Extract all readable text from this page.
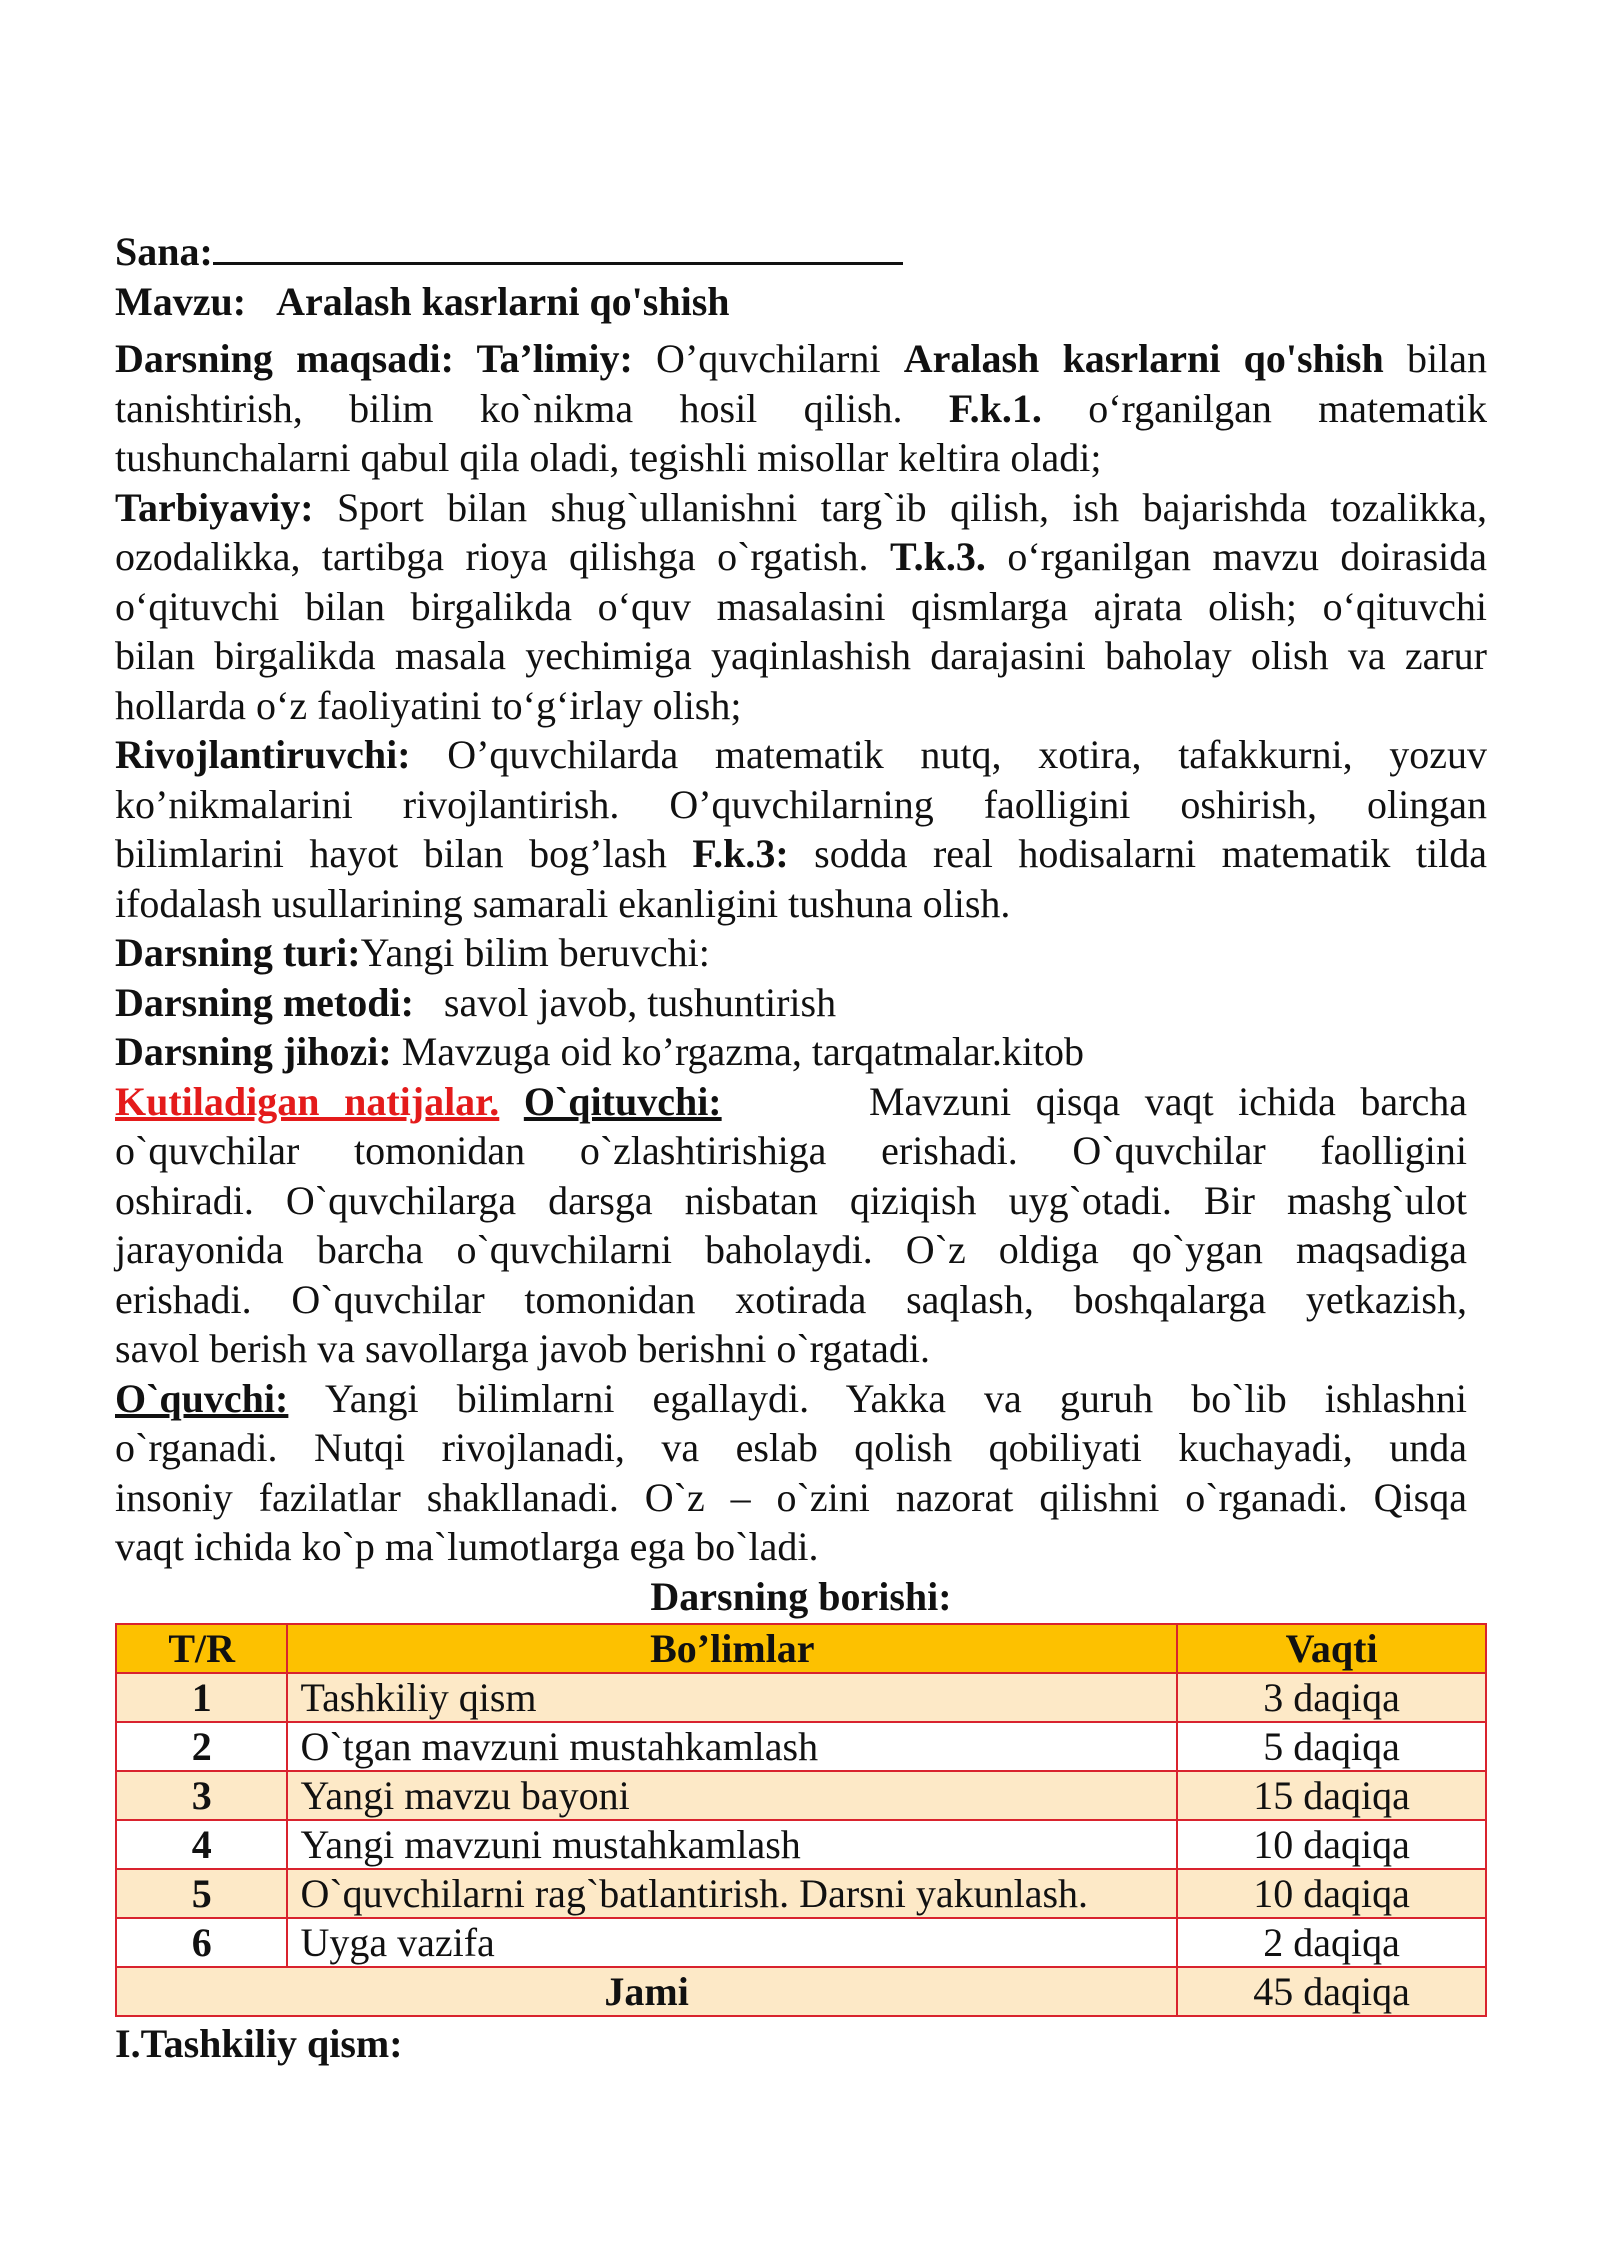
Sana:

Mavzu: Aralash kasrlarni qo'shish

Darsning maqsadi: Ta’limiy: O’quvchilarni Aralash kasrlarni qo'shish bilan

tanishtirish, bilim ko`nikma hosil qilish. F.k.1. o‘rganilgan matematik

tushunchalarni qabul qila oladi, tegishli misollar keltira oladi;

Tarbiyaviy: Sport bilan shug`ullanishni targ`ib qilish, ish bajarishda tozalikka,

ozodalikka, tartibga rioya qilishga o`rgatish. T.k.3. o‘rganilgan mavzu doirasida

o‘qituvchi bilan birgalikda o‘quv masalasini qismlarga ajrata olish; o‘qituvchi

bilan birgalikda masala yechimiga yaqinlashish darajasini baholay olish va zarur

hollarda o‘z faoliyatini to‘g‘irlay olish;

Rivojlantiruvchi: O’quvchilarda matematik nutq, xotira, tafakkurni, yozuv

ko’nikmalarini rivojlantirish. O’quvchilarning faolligini oshirish, olingan

bilimlarini hayot bilan bog’lash F.k.3: sodda real hodisalarni matematik tilda

ifodalash usullarining samarali ekanligini tushuna olish.

Darsning turi:Yangi bilim beruvchi:

Darsning metodi:   savol javob, tushuntirish

Darsning jihozi: Mavzuga oid ko’rgazma, tarqatmalar.kitob

Kutiladigan natijalar. O`qituvchi:      Mavzuni qisqa vaqt ichida barcha

o`quvchilar tomonidan o`zlashtirishiga erishadi. O`quvchilar faolligini

oshiradi. O`quvchilarga darsga nisbatan qiziqish uyg`otadi. Bir mashg`ulot

jarayonida barcha o`quvchilarni baholaydi. O`z oldiga qo`ygan maqsadiga

erishadi. O`quvchilar tomonidan xotirada saqlash, boshqalarga yetkazish,

savol berish va savollarga javob berishni o`rgatadi.

O`quvchi: Yangi bilimlarni egallaydi. Yakka va guruh bo`lib ishlashni

o`rganadi. Nutqi rivojlanadi, va eslab qolish qobiliyati kuchayadi, unda

insoniy fazilatlar shakllanadi. O`z – o`zini nazorat qilishni o`rganadi. Qisqa

vaqt ichida ko`p ma`lumotlarga ega bo`ladi.

Darsning borishi:

T/R	Bo’limlar	Vaqti
1	Tashkiliy qism	3 daqiqa
2	O`tgan mavzuni mustahkamlash	5 daqiqa
3	Yangi mavzu bayoni	15 daqiqa
4	Yangi mavzuni mustahkamlash	10 daqiqa
5	O`quvchilarni rag`batlantirish. Darsni yakunlash.	10 daqiqa
6	Uyga vazifa	2 daqiqa
Jami		45 daqiqa

I.Tashkiliy qism:
